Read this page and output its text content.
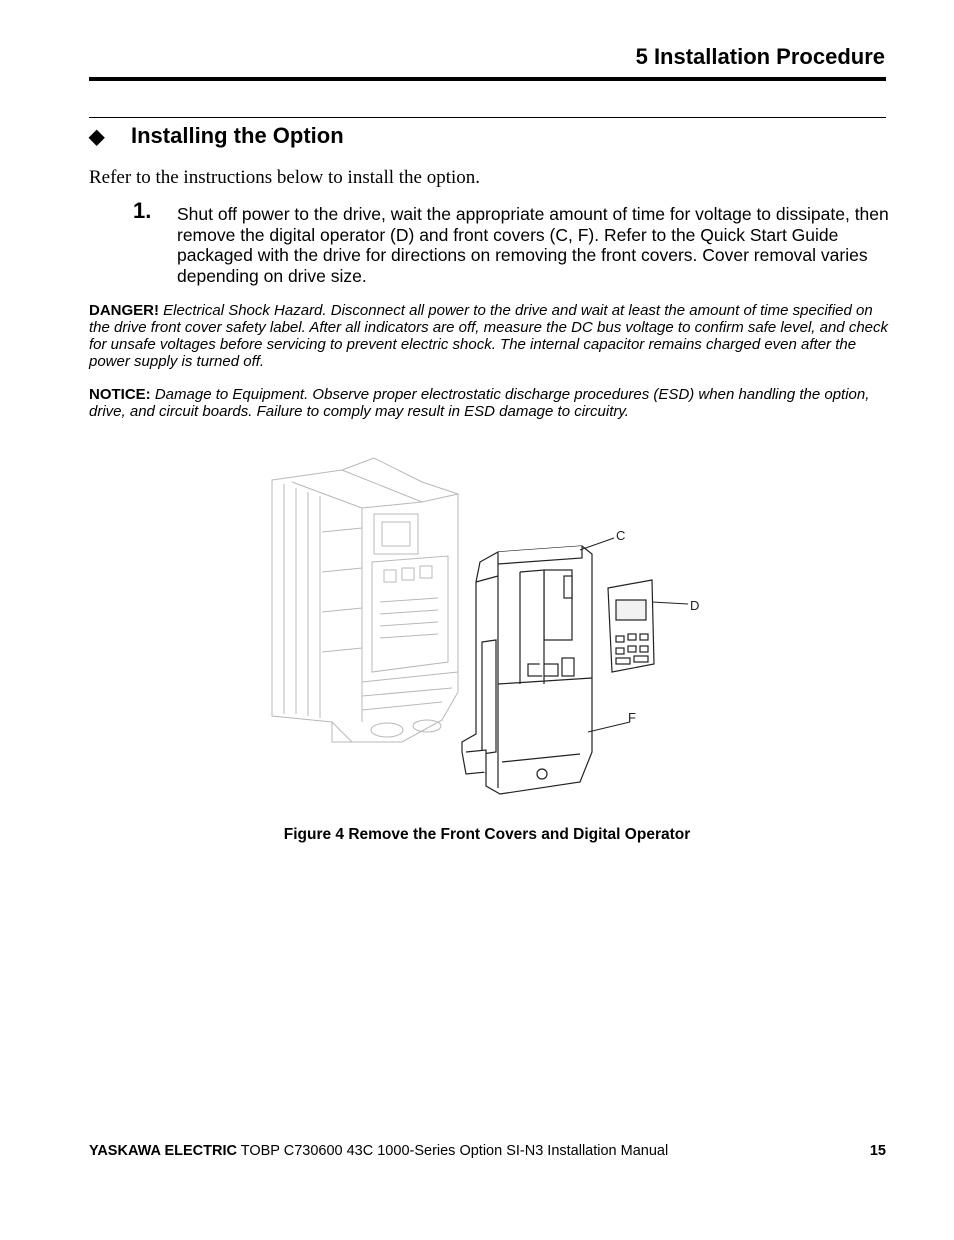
5 Installation Procedure
◆ Installing the Option
Refer to the instructions below to install the option.
1. Shut off power to the drive, wait the appropriate amount of time for voltage to dissipate, then remove the digital operator (D) and front covers (C, F). Refer to the Quick Start Guide packaged with the drive for directions on removing the front covers. Cover removal varies depending on drive size.
DANGER! Electrical Shock Hazard. Disconnect all power to the drive and wait at least the amount of time specified on the drive front cover safety label. After all indicators are off, measure the DC bus voltage to confirm safe level, and check for unsafe voltages before servicing to prevent electric shock. The internal capacitor remains charged even after the power supply is turned off.
NOTICE: Damage to Equipment. Observe proper electrostatic discharge procedures (ESD) when handling the option, drive, and circuit boards. Failure to comply may result in ESD damage to circuitry.
C
D
F
Figure 4 Remove the Front Covers and Digital Operator
YASKAWA ELECTRIC TOBP C730600 43C 1000-Series Option SI-N3 Installation Manual	15
